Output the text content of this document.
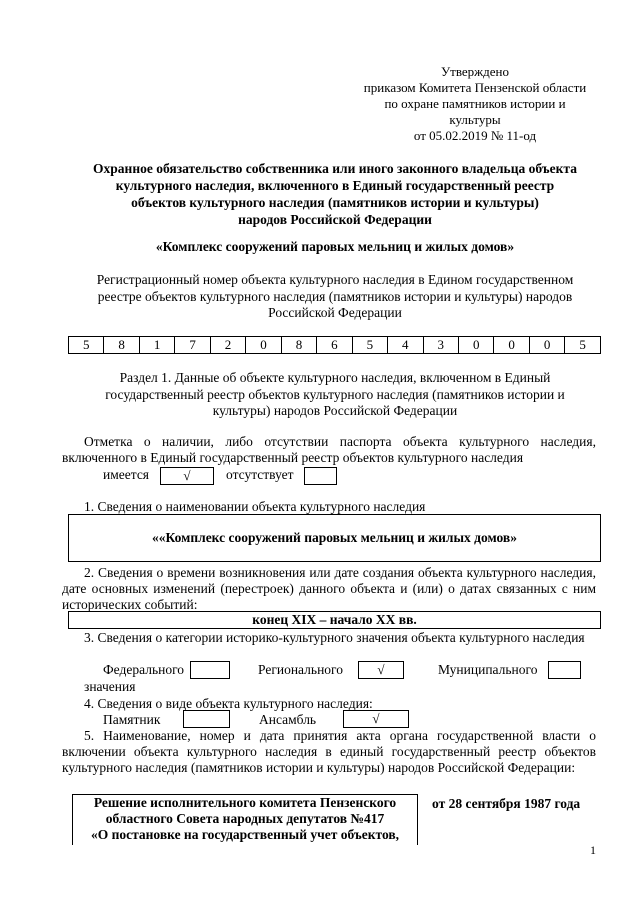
Утверждено
приказом Комитета Пензенской области
по охране памятников истории и
культуры
от 05.02.2019 № 11-од
Охранное обязательство собственника или иного законного владельца объекта
культурного наследия, включенного в Единый государственный реестр
объектов культурного наследия (памятников истории и культуры)
народов Российской Федерации
«Комплекс сооружений паровых мельниц и жилых домов»
Регистрационный номер объекта культурного наследия в Едином государственном
реестре объектов культурного наследия (памятников истории и культуры) народов
Российской Федерации
5	8	1	7	2	0	8	6	5	4	3	0	0	0	5
Раздел 1. Данные об объекте культурного наследия, включенном в Единый
государственный реестр объектов культурного наследия (памятников истории и
культуры) народов Российской Федерации
Отметка о наличии, либо отсутствии паспорта объекта культурного наследия, включенного в Единый государственный реестр объектов культурного наследия
имеется	√	отсутствует
1. Сведения о наименовании объекта культурного наследия
««Комплекс сооружений паровых мельниц и жилых домов»
2. Сведения о времени возникновения или дате создания объекта культурного наследия, дате основных изменений (перестроек) данного объекта и (или) о датах связанных с ним исторических событий:
конец XIX – начало XX вв.
3. Сведения о категории историко-культурного значения объекта культурного наследия
Федерального	Регионального	√	Муниципального
значения
4. Сведения о виде объекта культурного наследия:
Памятник	Ансамбль	√
5. Наименование, номер и дата принятия акта органа государственной власти о включении объекта культурного наследия в единый государственный реестр объектов культурного наследия (памятников истории и культуры) народов Российской Федерации:
Решение исполнительного комитета Пензенского
областного Совета народных депутатов №417
«О постановке на государственный учет объектов,
от 28 сентября 1987 года
1
